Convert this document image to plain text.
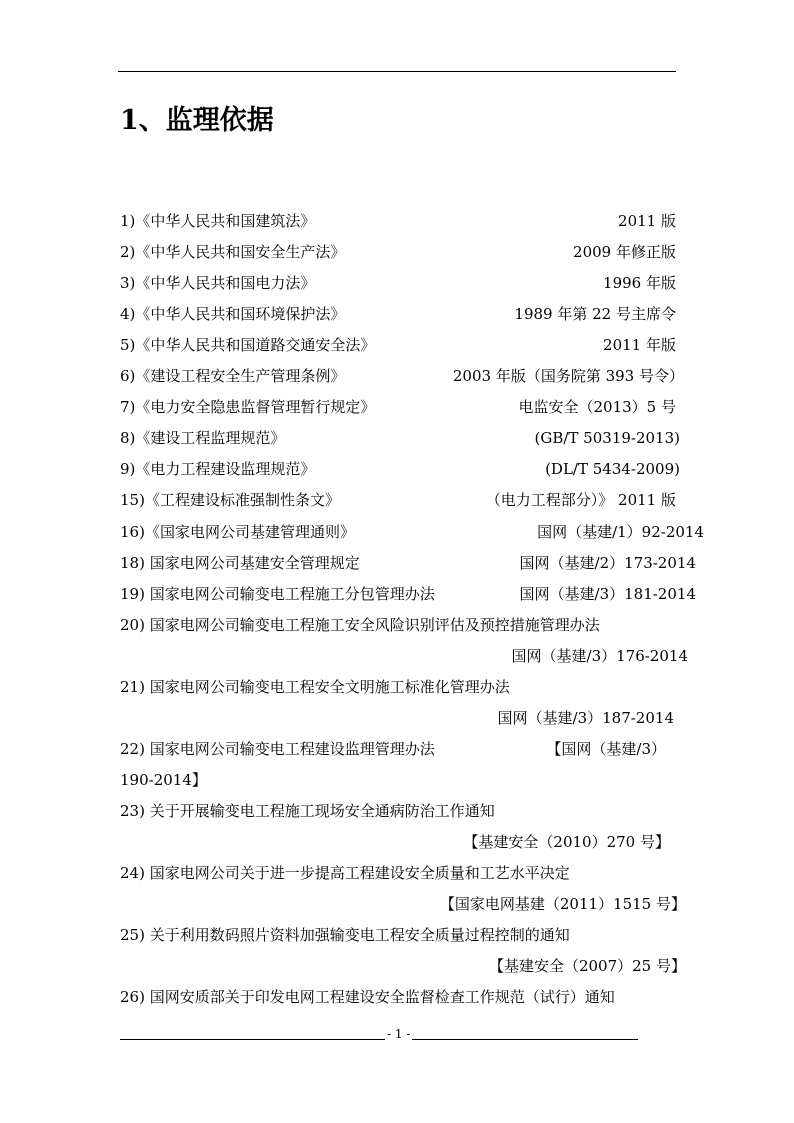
1、监理依据
1)《中华人民共和国建筑法》	2011 版
2)《中华人民共和国安全生产法》	2009 年修正版
3)《中华人民共和国电力法》	1996 年版
4)《中华人民共和国环境保护法》	1989 年第 22 号主席令
5)《中华人民共和国道路交通安全法》	2011 年版
6)《建设工程安全生产管理条例》	2003 年版（国务院第 393 号令）
7)《电力安全隐患监督管理暂行规定》	电监安全（2013）5 号
8)《建设工程监理规范》	(GB/T 50319-2013)
9)《电力工程建设监理规范》	(DL/T 5434-2009)
15)《工程建设标准强制性条文》	（电力工程部分）》 2011 版
16)《国家电网公司基建管理通则》	国网（基建/1）92-2014
18) 国家电网公司基建安全管理规定	国网（基建/2）173-2014
19) 国家电网公司输变电工程施工分包管理办法	国网（基建/3）181-2014
20) 国家电网公司输变电工程施工安全风险识别评估及预控措施管理办法
国网（基建/3）176-2014
21) 国家电网公司输变电工程安全文明施工标准化管理办法
国网（基建/3）187-2014
22) 国家电网公司输变电工程建设监理管理办法	【国网（基建/3）
190-2014】
23) 关于开展输变电工程施工现场安全通病防治工作通知
【基建安全（2010）270 号】
24) 国家电网公司关于进一步提高工程建设安全质量和工艺水平决定
【国家电网基建（2011）1515 号】
25) 关于利用数码照片资料加强输变电工程安全质量过程控制的通知
【基建安全（2007）25 号】
26) 国网安质部关于印发电网工程建设安全监督检查工作规范（试行）通知
- 1 -
